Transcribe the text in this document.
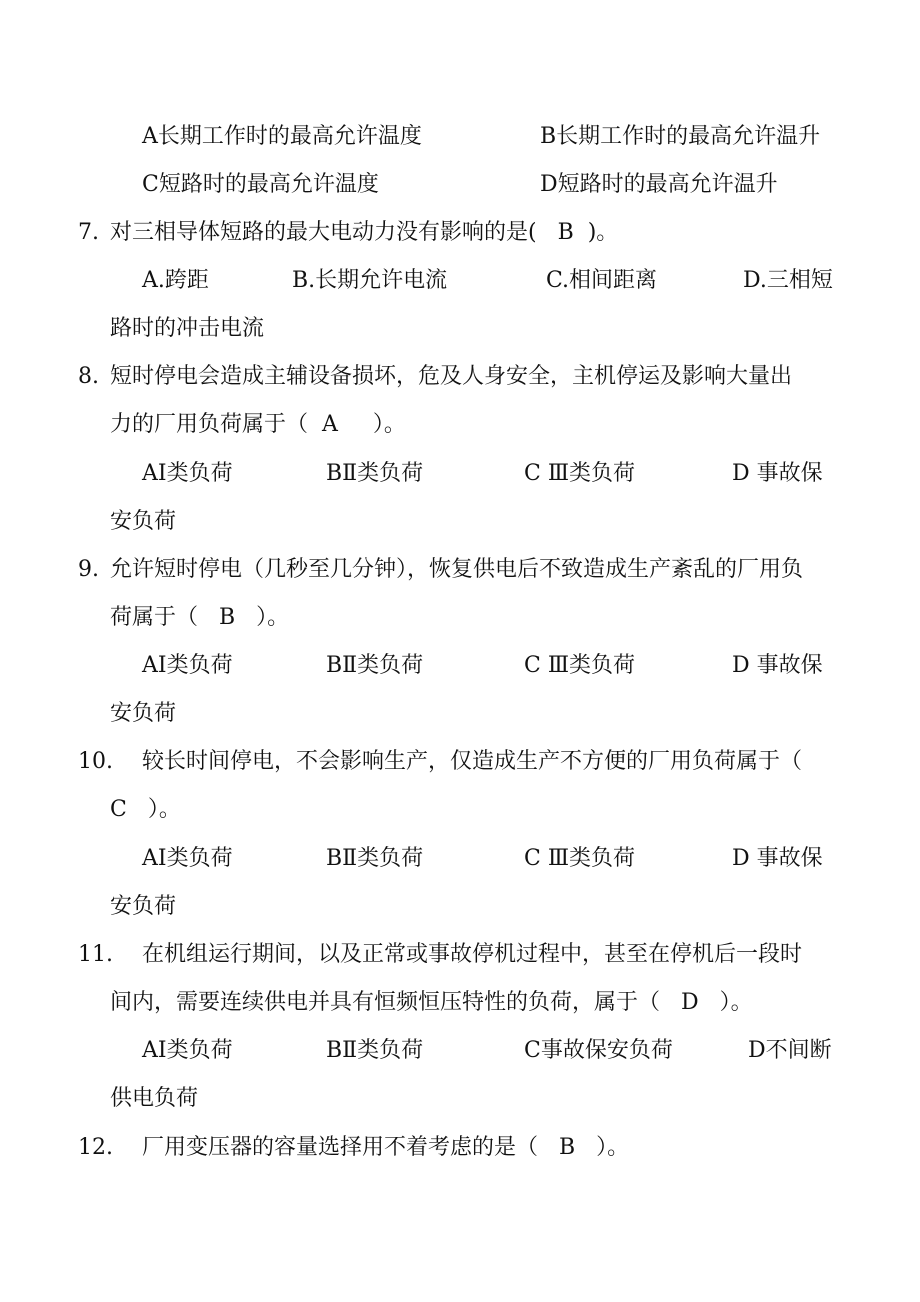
A长期工作时的最高允许温度	B长期工作时的最高允许温升
C短路时的最高允许温度	D短路时的最高允许温升
7. 对三相导体短路的最大电动力没有影响的是(   B  )。
A.跨距	B.长期允许电流	C.相间距离	D.三相短
路时的冲击电流
8. 短时停电会造成主辅设备损坏，危及人身安全，主机停运及影响大量出
力的厂用负荷属于（  A     ）。
AⅠ类负荷	BⅡ类负荷	C Ⅲ类负荷	D 事故保
安负荷
9. 允许短时停电（几秒至几分钟），恢复供电后不致造成生产紊乱的厂用负
荷属于（   B   ）。
AⅠ类负荷	BⅡ类负荷	C Ⅲ类负荷	D 事故保
安负荷
10. 较长时间停电，不会影响生产，仅造成生产不方便的厂用负荷属于（
C   ）。
AⅠ类负荷	BⅡ类负荷	C Ⅲ类负荷	D 事故保
安负荷
11. 在机组运行期间，以及正常或事故停机过程中，甚至在停机后一段时
间内，需要连续供电并具有恒频恒压特性的负荷，属于（   D   ）。
AⅠ类负荷	BⅡ类负荷	C事故保安负荷	D不间断
供电负荷
12. 厂用变压器的容量选择用不着考虑的是（   B   ）。
